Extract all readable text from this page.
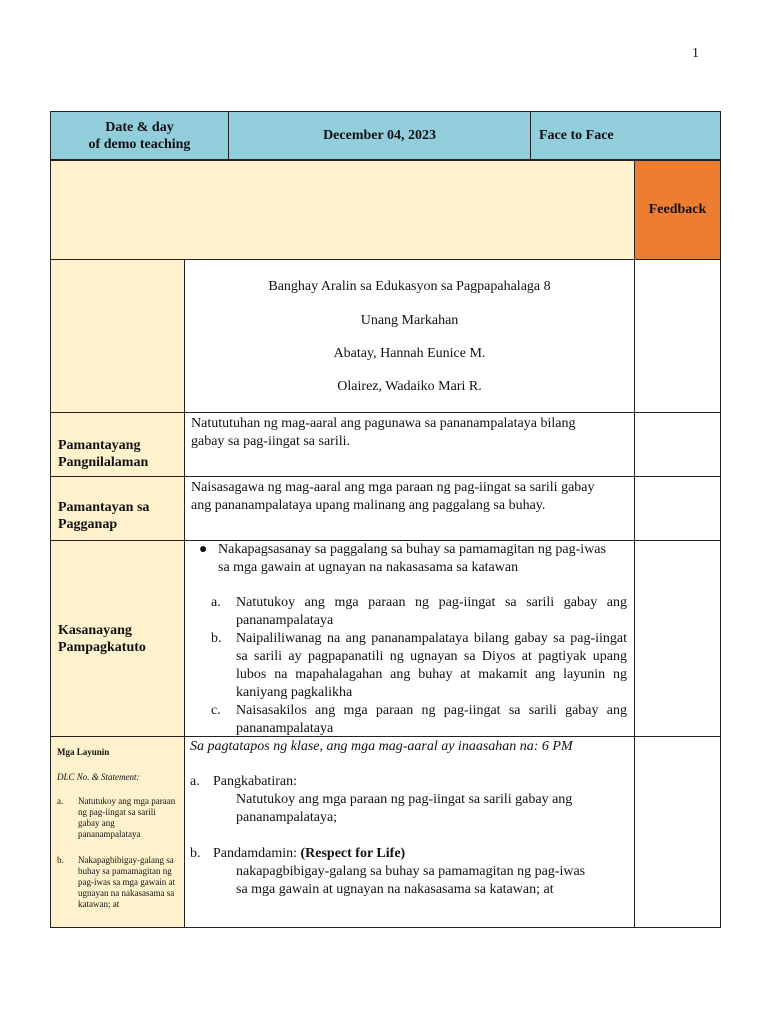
1
Date & day
of demo teaching
December 04, 2023	Face to Face
Feedback
Banghay Aralin sa Edukasyon sa Pagpapahalaga 8
Unang Markahan
Abatay, Hannah Eunice M.
Olairez, Wadaiko Mari R.
Pamantayang
Pangnilalaman
Natututuhan ng mag-aaral ang pagunawa sa pananampalataya bilang
gabay sa pag-iingat sa sarili.
Pamantayan sa
Pagganap
Naisasagawa ng mag-aaral ang mga paraan ng pag-iingat sa sarili gabay
ang pananampalataya upang malinang ang paggalang sa buhay.
Kasanayang
Pampagkatuto
● Nakapagsasanay sa paggalang sa buhay sa pamamagitan ng pag-iwas sa mga gawain at ugnayan na nakasasama sa katawan
a. Natutukoy ang mga paraan ng pag-iingat sa sarili gabay ang pananampalataya
b. Naipaliliwanag na ang pananampalataya bilang gabay sa pag-iingat sa sarili ay pagpapanatili ng ugnayan sa Diyos at pagtiyak upang lubos na mapahalagahan ang buhay at makamit ang layunin ng kaniyang pagkalikha
c. Naisasakilos ang mga paraan ng pag-iingat sa sarili gabay ang pananampalataya
Mga Layunin
DLC No. & Statement:
a. Natutukoy ang mga paraan ng pag-iingat sa sarili gabay ang pananampalataya
b. Nakapagbibigay-galang sa buhay sa pamamagitan ng pag-iwas sa mga gawain at ugnayan na nakasasama sa katawan; at
Sa pagtatapos ng klase, ang mga mag-aaral ay inaasahan na: 6 PM
a. Pangkabatiran:
Natutukoy ang mga paraan ng pag-iingat sa sarili gabay ang
pananampalataya;
b. Pandamdamin: (Respect for Life)
nakapagbibigay-galang sa buhay sa pamamagitan ng pag-iwas
sa mga gawain at ugnayan na nakasasama sa katawan; at
